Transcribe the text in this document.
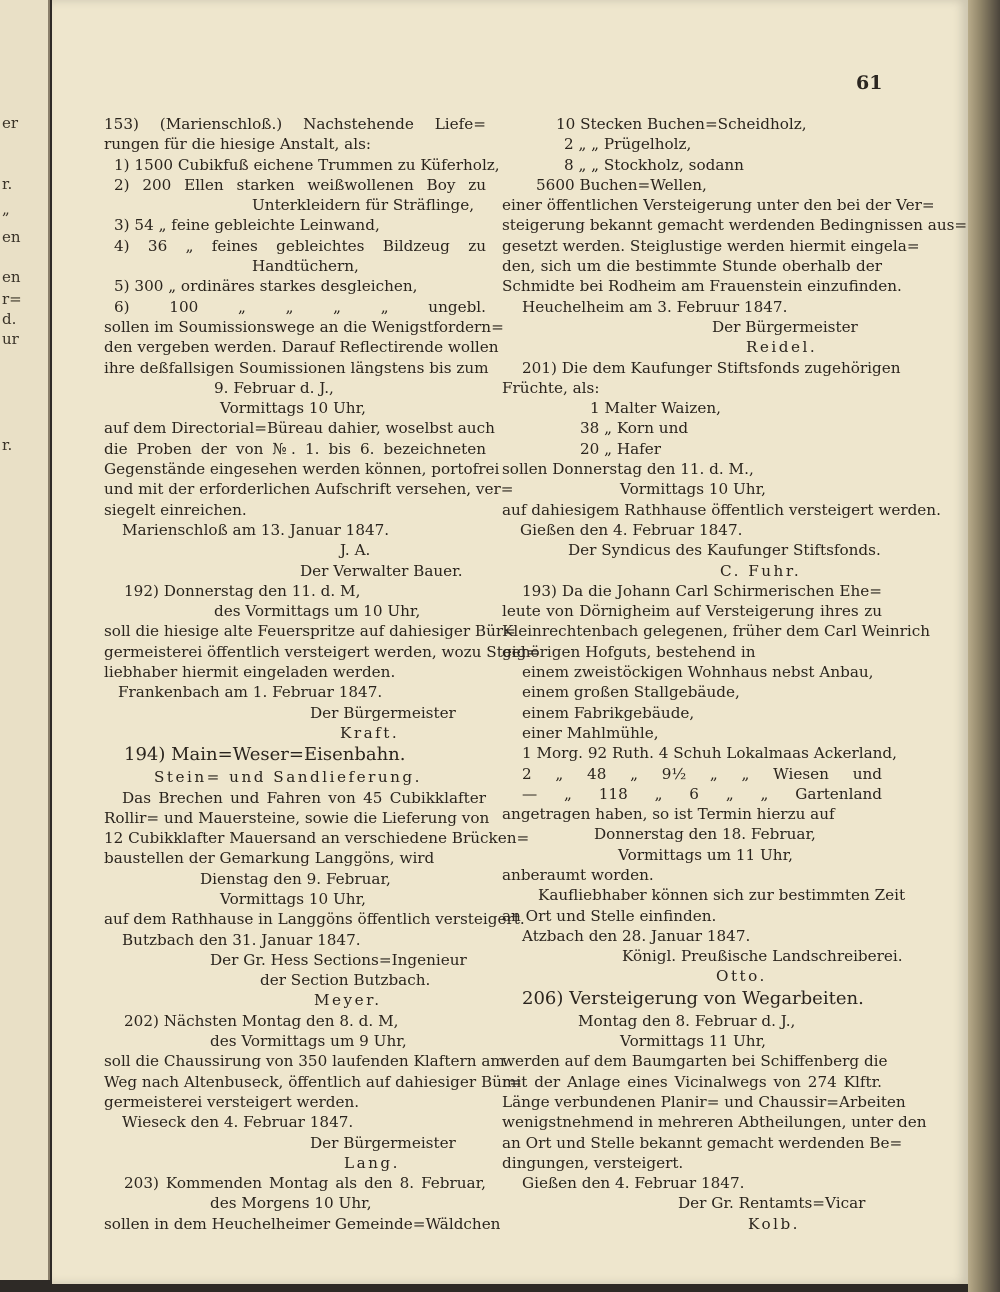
er
r.
„
en
en
r=
d.
ur
r.
61
153) (Marienschloß.) Nachstehende Liefe=
rungen für die hiesige Anstalt, als:
1) 1500 Cubikfuß eichene Trummen zu Küferholz,
2) 200 Ellen starken weißwollenen Boy zu
Unterkleidern für Sträflinge,
3) 54 „ feine gebleichte Leinwand,
4) 36 „ feines gebleichtes Bildzeug zu
Handtüchern,
5) 300 „ ordinäres starkes desgleichen,
6) 100 „ „ „ „ ungebl.
sollen im Soumissionswege an die Wenigstfordern=
den vergeben werden. Darauf Reflectirende wollen
ihre deßfallsigen Soumissionen längstens bis zum
9. Februar d. J.,
Vormittags 10 Uhr,
auf dem Directorial=Büreau dahier, woselbst auch
die Proben der von №. 1. bis 6. bezeichneten
Gegenstände eingesehen werden können, portofrei
und mit der erforderlichen Aufschrift versehen, ver=
siegelt einreichen.
Marienschloß am 13. Januar 1847.
J. A.
Der Verwalter Bauer.
192) Donnerstag den 11. d. M,
des Vormittags um 10 Uhr,
soll die hiesige alte Feuerspritze auf dahiesiger Bür=
germeisterei öffentlich versteigert werden, wozu Steig=
liebhaber hiermit eingeladen werden.
Frankenbach am 1. Februar 1847.
Der Bürgermeister
Kraft.
194) Main=Weser=Eisenbahn.
Stein= und Sandlieferung.
Das Brechen und Fahren von 45 Cubikklafter
Rollir= und Mauersteine, sowie die Lieferung von
12 Cubikklafter Mauersand an verschiedene Brücken=
baustellen der Gemarkung Langgöns, wird
Dienstag den 9. Februar,
Vormittags 10 Uhr,
auf dem Rathhause in Langgöns öffentlich versteigert.
Butzbach den 31. Januar 1847.
Der Gr. Hess Sections=Ingenieur
der Section Butzbach.
Meyer.
202) Nächsten Montag den 8. d. M,
des Vormittags um 9 Uhr,
soll die Chaussirung von 350 laufenden Klaftern am
Weg nach Altenbuseck, öffentlich auf dahiesiger Bür=
germeisterei versteigert werden.
Wieseck den 4. Februar 1847.
Der Bürgermeister
Lang.
203) Kommenden Montag als den 8. Februar,
des Morgens 10 Uhr,
sollen in dem Heuchelheimer Gemeinde=Wäldchen
10 Stecken Buchen=Scheidholz,
2 „ „ Prügelholz,
8 „ „ Stockholz, sodann
5600 Buchen=Wellen,
einer öffentlichen Versteigerung unter den bei der Ver=
steigerung bekannt gemacht werdenden Bedingnissen aus=
gesetzt werden. Steiglustige werden hiermit eingela=
den, sich um die bestimmte Stunde oberhalb der
Schmidte bei Rodheim am Frauenstein einzufinden.
Heuchelheim am 3. Februur 1847.
Der Bürgermeister
Reidel.
201) Die dem Kaufunger Stiftsfonds zugehörigen
Früchte, als:
1 Malter Waizen,
38 „ Korn und
20 „ Hafer
sollen Donnerstag den 11. d. M.,
Vormittags 10 Uhr,
auf dahiesigem Rathhause öffentlich versteigert werden.
Gießen den 4. Februar 1847.
Der Syndicus des Kaufunger Stiftsfonds.
C. Fuhr.
193) Da die Johann Carl Schirmerischen Ehe=
leute von Dörnigheim auf Versteigerung ihres zu
Kleinrechtenbach gelegenen, früher dem Carl Weinrich
gehörigen Hofguts, bestehend in
einem zweistöckigen Wohnhaus nebst Anbau,
einem großen Stallgebäude,
einem Fabrikgebäude,
einer Mahlmühle,
1 Morg. 92 Ruth. 4 Schuh Lokalmaas Ackerland,
2 „ 48 „ 9½ „ „ Wiesen und
— „ 118 „ 6 „ „ Gartenland
angetragen haben, so ist Termin hierzu auf
Donnerstag den 18. Februar,
Vormittags um 11 Uhr,
anberaumt worden.
Kaufliebhaber können sich zur bestimmten Zeit
an Ort und Stelle einfinden.
Atzbach den 28. Januar 1847.
Königl. Preußische Landschreiberei.
Otto.
206) Versteigerung von Wegarbeiten.
Montag den 8. Februar d. J.,
Vormittags 11 Uhr,
werden auf dem Baumgarten bei Schiffenberg die
mit der Anlage eines Vicinalwegs von 274 Klftr.
Länge verbundenen Planir= und Chaussir=Arbeiten
wenigstnehmend in mehreren Abtheilungen, unter den
an Ort und Stelle bekannt gemacht werdenden Be=
dingungen, versteigert.
Gießen den 4. Februar 1847.
Der Gr. Rentamts=Vicar
Kolb.
